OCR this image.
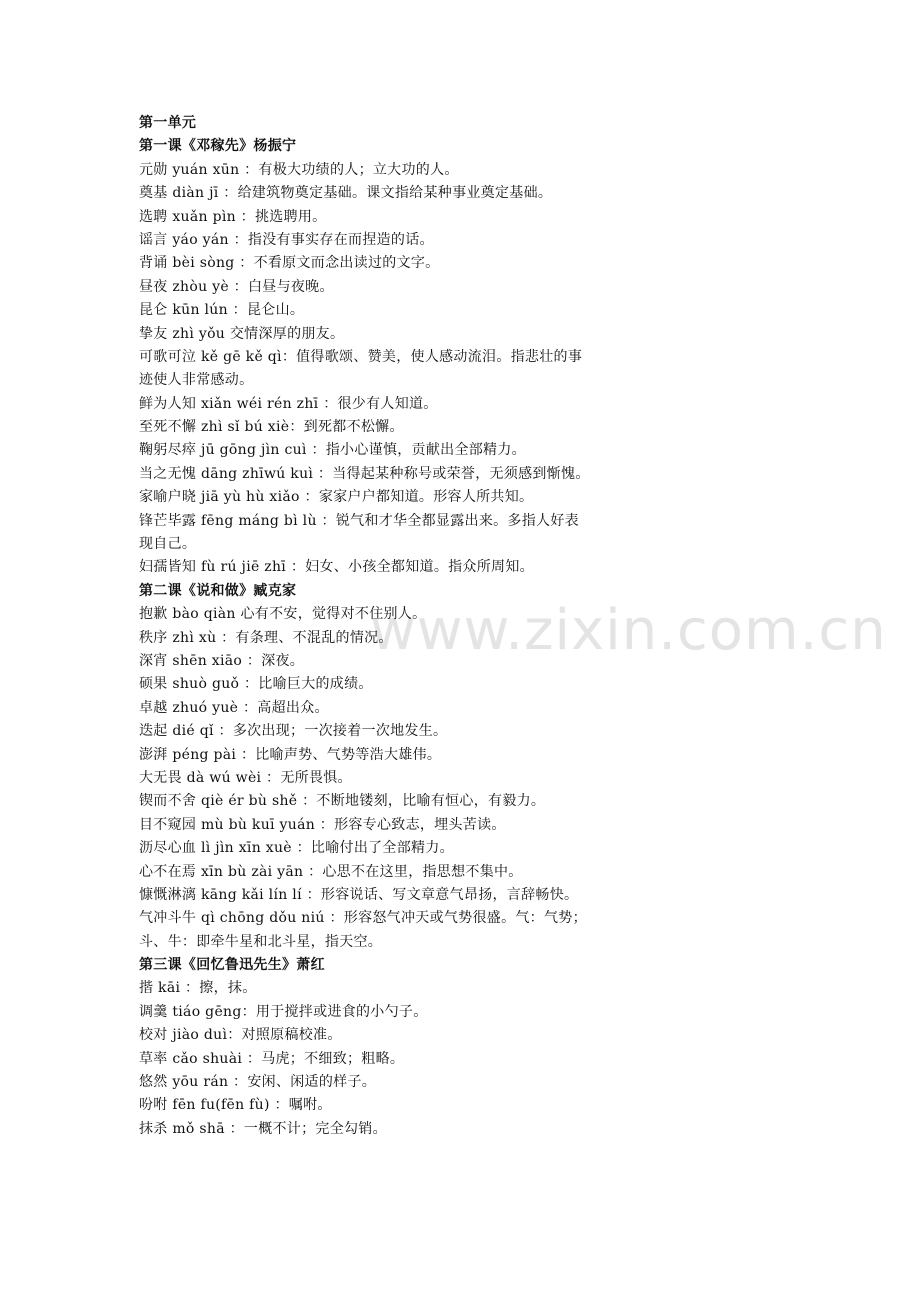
www.zixin.com.cn
第一单元
第一课《邓稼先》杨振宁
元勋 yuán xūn ：有极大功绩的人；立大功的人。
奠基 diàn jī ：给建筑物奠定基础。课文指给某种事业奠定基础。
选聘 xuǎn pìn ：挑选聘用。
谣言 yáo yán ：指没有事实存在而捏造的话。
背诵 bèi sòng ：不看原文而念出读过的文字。
昼夜 zhòu yè ：白昼与夜晚。
昆仑 kūn lún ：昆仑山。
挚友 zhì yǒu 交情深厚的朋友。
可歌可泣 kě gē kě qì：值得歌颂、赞美，使人感动流泪。指悲壮的事
迹使人非常感动。
鲜为人知 xiǎn wéi rén zhī ：很少有人知道。
至死不懈 zhì sǐ bú xiè：到死都不松懈。
鞠躬尽瘁 jū gōng jìn cuì ：指小心谨慎，贡献出全部精力。
当之无愧 dāng zhīwú kuì ：当得起某种称号或荣誉，无须感到惭愧。
家喻户晓 jiā yù hù xiǎo ：家家户户都知道。形容人所共知。
锋芒毕露 fēng máng bì lù ：锐气和才华全都显露出来。多指人好表
现自己。
妇孺皆知 fù rú jiē zhī ：妇女、小孩全都知道。指众所周知。
第二课《说和做》臧克家
抱歉 bào qiàn 心有不安，觉得对不住别人。
秩序 zhì xù ：有条理、不混乱的情况。
深宵 shēn xiāo ：深夜。
硕果 shuò guǒ ：比喻巨大的成绩。
卓越 zhuó yuè ：高超出众。
迭起 dié qǐ ：多次出现；一次接着一次地发生。
澎湃 péng pài ：比喻声势、气势等浩大雄伟。
大无畏 dà wú wèi ：无所畏惧。
锲而不舍 qiè ér bù shě ：不断地镂刻，比喻有恒心，有毅力。
目不窥园 mù bù kuī yuán ：形容专心致志，埋头苦读。
沥尽心血 lì jìn xīn xuè ：比喻付出了全部精力。
心不在焉 xīn bù zài yān ：心思不在这里，指思想不集中。
慷慨淋漓 kāng kǎi lín lí ：形容说话、写文章意气昂扬，言辞畅快。
气冲斗牛 qì chōng dǒu niú ：形容怒气冲天或气势很盛。气：气势；
斗、牛：即牵牛星和北斗星，指天空。
第三课《回忆鲁迅先生》萧红
揩 kāi ：擦，抹。
调羹 tiáo gēng：用于搅拌或进食的小勺子。
校对 jiào duì：对照原稿校准。
草率 cǎo shuài ：马虎；不细致；粗略。
悠然 yōu rán ：安闲、闲适的样子。
吩咐 fēn fu(fēn fù) ：嘱咐。
抹杀 mǒ shā ：一概不计；完全勾销。
